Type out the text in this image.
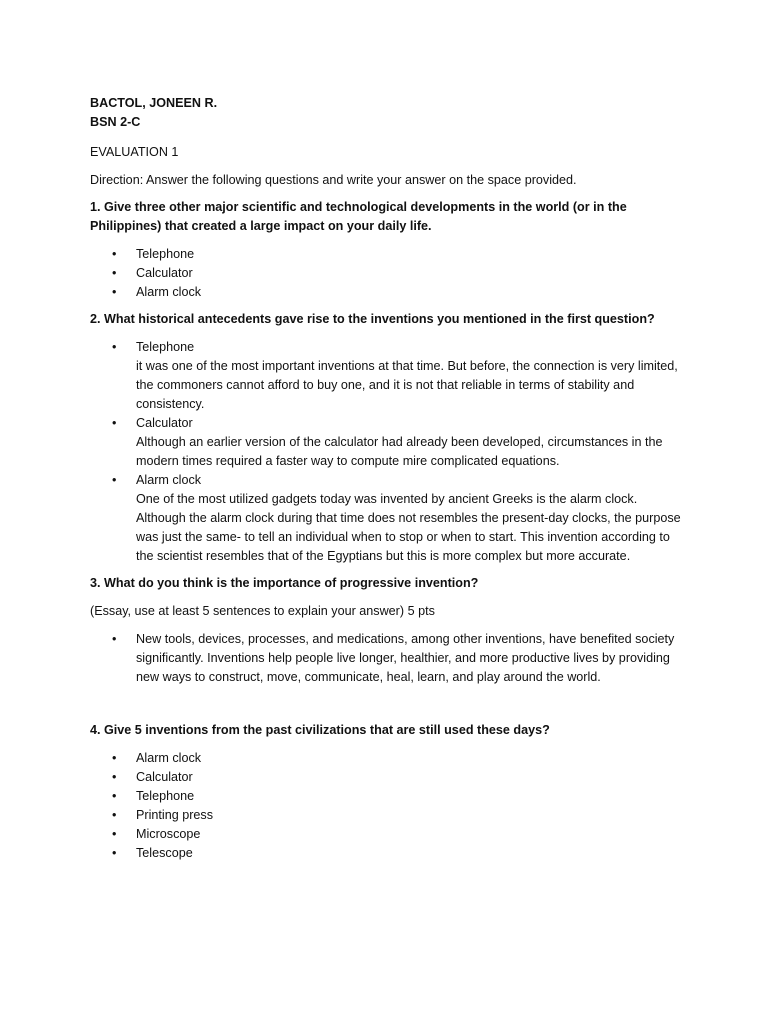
BACTOL, JONEEN R.

BSN 2-C

EVALUATION 1

Direction: Answer the following questions and write your answer on the space provided.

1. Give three other major scientific and technological developments in the world (or in the Philippines) that created a large impact on your daily life.

• Telephone
• Calculator
• Alarm clock

2. What historical antecedents gave rise to the inventions you mentioned in the first question?

• Telephone
it was one of the most important inventions at that time. But before, the connection is very limited, the commoners cannot afford to buy one, and it is not that reliable in terms of stability and consistency.
• Calculator
Although an earlier version of the calculator had already been developed, circumstances in the modern times required a faster way to compute mire complicated equations.
• Alarm clock
One of the most utilized gadgets today was invented by ancient Greeks is the alarm clock. Although the alarm clock during that time does not resembles the present-day clocks, the purpose was just the same- to tell an individual when to stop or when to start. This invention according to the scientist resembles that of the Egyptians but this is more complex but more accurate.

3. What do you think is the importance of progressive invention?

(Essay, use at least 5 sentences to explain your answer) 5 pts

• New tools, devices, processes, and medications, among other inventions, have benefited society significantly. Inventions help people live longer, healthier, and more productive lives by providing new ways to construct, move, communicate, heal, learn, and play around the world.

4. Give 5 inventions from the past civilizations that are still used these days?

• Alarm clock
• Calculator
• Telephone
• Printing press
• Microscope
• Telescope
